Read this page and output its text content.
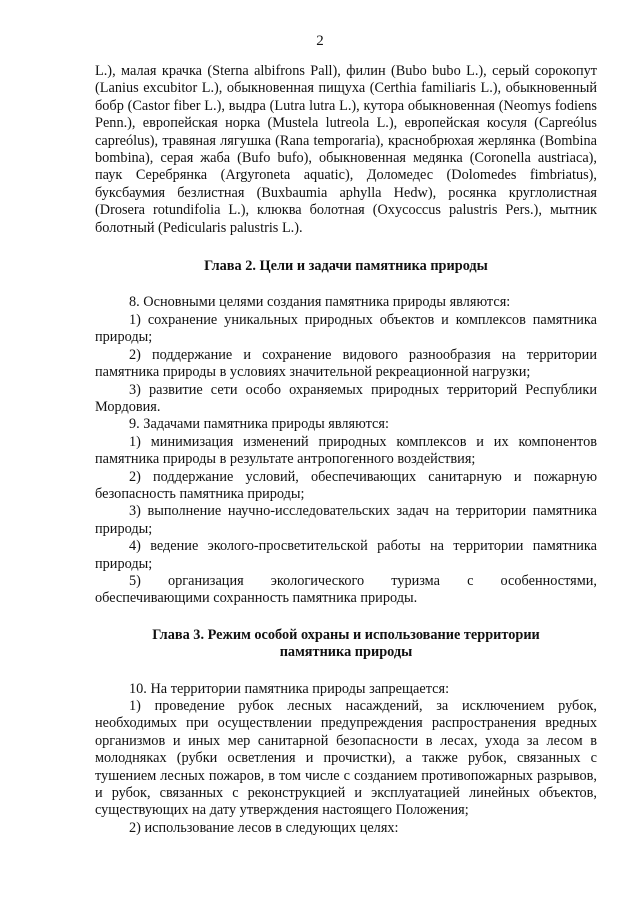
2

L.), малая крачка (Sterna albifrons Pall), филин (Bubo bubo L.), серый сорокопут (Lanius excubitor L.), обыкновенная пищуха (Certhia familiaris L.), обыкновенный бобр (Castor fiber L.), выдра (Lutra lutra L.), кутора обыкновенная (Neomys fodiens Penn.), европейская норка (Mustela lutreola L.), европейская косуля (Capreólus capreólus), травяная лягушка (Rana temporaria), краснобрюхая жерлянка (Bombina bombina), серая жаба (Bufo bufo), обыкновенная медянка (Coronella austriaca), паук Серебрянка (Argyroneta aquatic), Доломедес (Dolomedes fimbriatus), буксбаумия безлистная (Buxbaumia aphylla Hedw), росянка круглолистная (Drosera rotundifolia L.), клюква болотная (Oxycoccus palustris Pers.), мытник болотный (Pedicularis palustris L.).

Глава 2. Цели и задачи памятника природы

8. Основными целями создания памятника природы являются:

1) сохранение уникальных природных объектов и комплексов памятника природы;

2) поддержание и сохранение видового разнообразия на территории памятника природы в условиях значительной рекреационной нагрузки;

3) развитие сети особо охраняемых природных территорий Республики Мордовия.

9. Задачами памятника природы являются:

1) минимизация изменений природных комплексов и их компонентов памятника природы в результате антропогенного воздействия;

2) поддержание условий, обеспечивающих санитарную и пожарную безопасность памятника природы;

3) выполнение научно-исследовательских задач на территории памятника природы;

4) ведение эколого-просветительской работы на территории памятника природы;

5) организация экологического туризма с особенностями, обеспечивающими сохранность памятника природы.

Глава 3. Режим особой охраны и использование территории памятника природы

10. На территории памятника природы запрещается:

1) проведение рубок лесных насаждений, за исключением рубок, необходимых при осуществлении предупреждения распространения вредных организмов и иных мер санитарной безопасности в лесах, ухода за лесом в молодняках (рубки осветления и прочистки), а также рубок, связанных с тушением лесных пожаров, в том числе с созданием противопожарных разрывов, и рубок, связанных с реконструкцией и эксплуатацией линейных объектов, существующих на дату утверждения настоящего Положения;

2) использование лесов в следующих целях:
